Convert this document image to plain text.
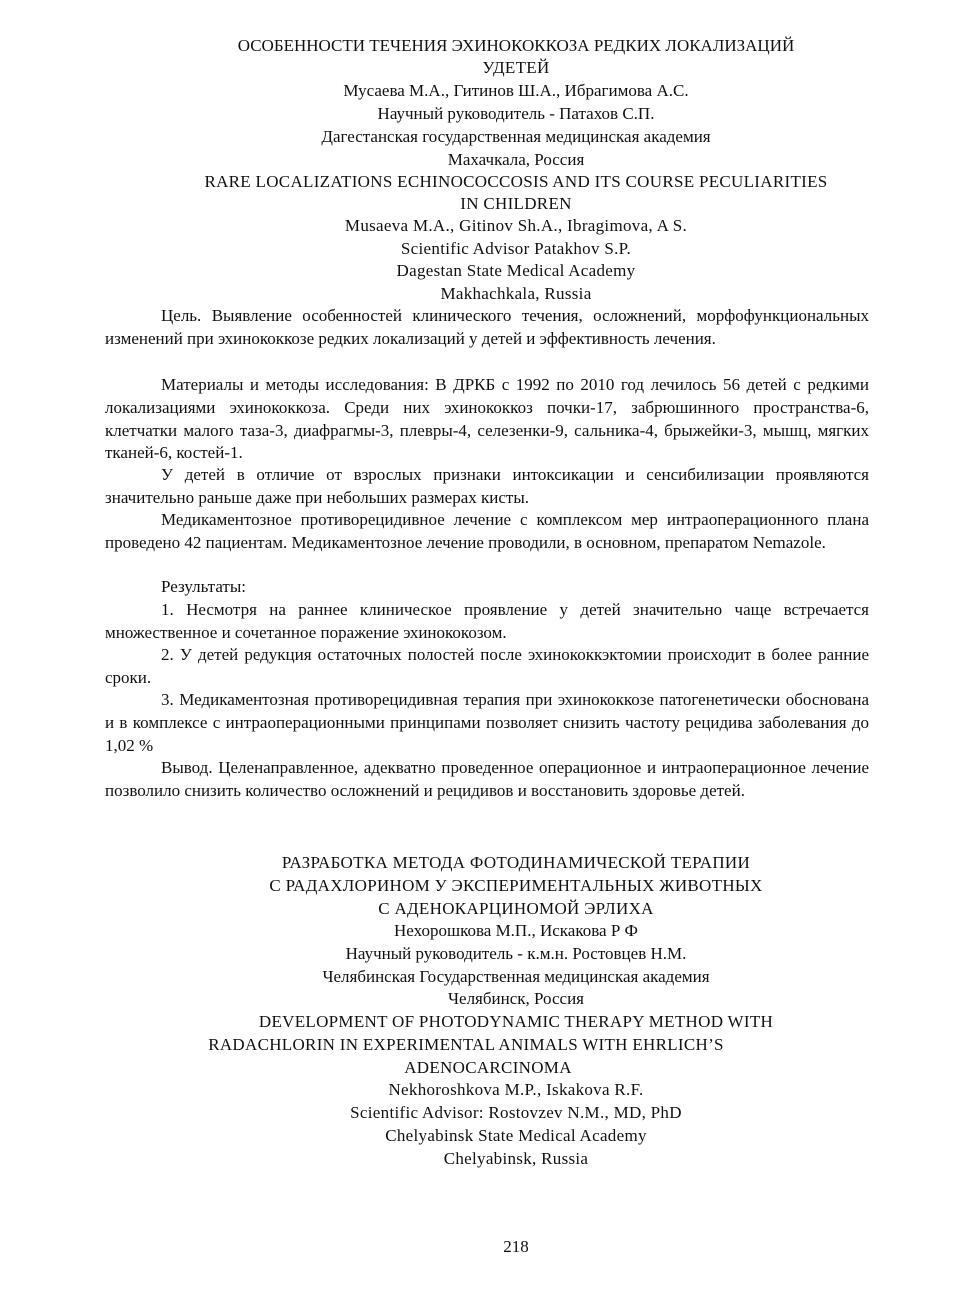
ОСОБЕННОСТИ ТЕЧЕНИЯ ЭХИНОКОККОЗА РЕДКИХ ЛОКАЛИЗАЦИЙ
УДЕТЕЙ
Мусаева М.А., Гитинов Ш.А., Ибрагимова А.С.
Научный руководитель - Патахов С.П.
Дагестанская государственная медицинская академия
Махачкала, Россия
RARE LOCALIZATIONS ECHINOCOCCOSIS AND ITS COURSE PECULIARITIES
IN CHILDREN
Musaeva M.A., Gitinov Sh.A., Ibragimova, A S.
Scientific Advisor Patakhov S.P.
Dagestan State Medical Academy
Makhachkala, Russia
Цель. Выявление особенностей клинического течения, осложнений, морфофункциональных изменений при эхинококкозе редких локализаций у детей и эффективность лечения.
Материалы и методы исследования: В ДРКБ с 1992 по 2010 год лечилось 56 детей с редкими локализациями эхинококкоза. Среди них эхинококкоз почки-17, забрюшинного пространства-6, клетчатки малого таза-3, диафрагмы-3, плевры-4, селезенки-9, сальника-4, брыжейки-3, мышц, мягких тканей-6, костей-1.
У детей в отличие от взрослых признаки интоксикации и сенсибилизации проявляются значительно раньше даже при небольших размерах кисты.
Медикаментозное противорецидивное лечение с комплексом мер интраоперационного плана проведено 42 пациентам. Медикаментозное лечение проводили, в основном, препаратом Nemazole.
Результаты:
1. Несмотря на раннее клиническое проявление у детей значительно чаще встречается множественное и сочетанное поражение эхинококозом.
2. У детей редукция остаточных полостей после эхинококкэктомии происходит в более ранние сроки.
3. Медикаментозная противорецидивная терапия при эхинококкозе патогенетически обоснована и в комплексе с интраоперационными принципами позволяет снизить частоту рецидива заболевания до 1,02 %
Вывод. Целенаправленное, адекватно проведенное операционное и интраоперационное лечение позволило снизить количество осложнений и рецидивов и восстановить здоровье детей.
РАЗРАБОТКА МЕТОДА ФОТОДИНАМИЧЕСКОЙ ТЕРАПИИ
С РАДАХЛОРИНОМ У ЭКСПЕРИМЕНТАЛЬНЫХ ЖИВОТНЫХ
С АДЕНОКАРЦИНОМОЙ ЭРЛИХА
Нехорошкова М.П., Искакова Р Ф
Научный руководитель - к.м.н. Ростовцев Н.М.
Челябинская Государственная медицинская академия
Челябинск, Россия
DEVELOPMENT OF PHOTODYNAMIC THERAPY METHOD WITH
RADACHLORIN IN EXPERIMENTAL ANIMALS WITH EHRLICH’S
ADENOCARCINOMA
Nekhoroshkova M.P., Iskakova R.F.
Scientific Advisor: Rostovzev N.M., MD, PhD
Chelyabinsk State Medical Academy
Chelyabinsk, Russia
218
